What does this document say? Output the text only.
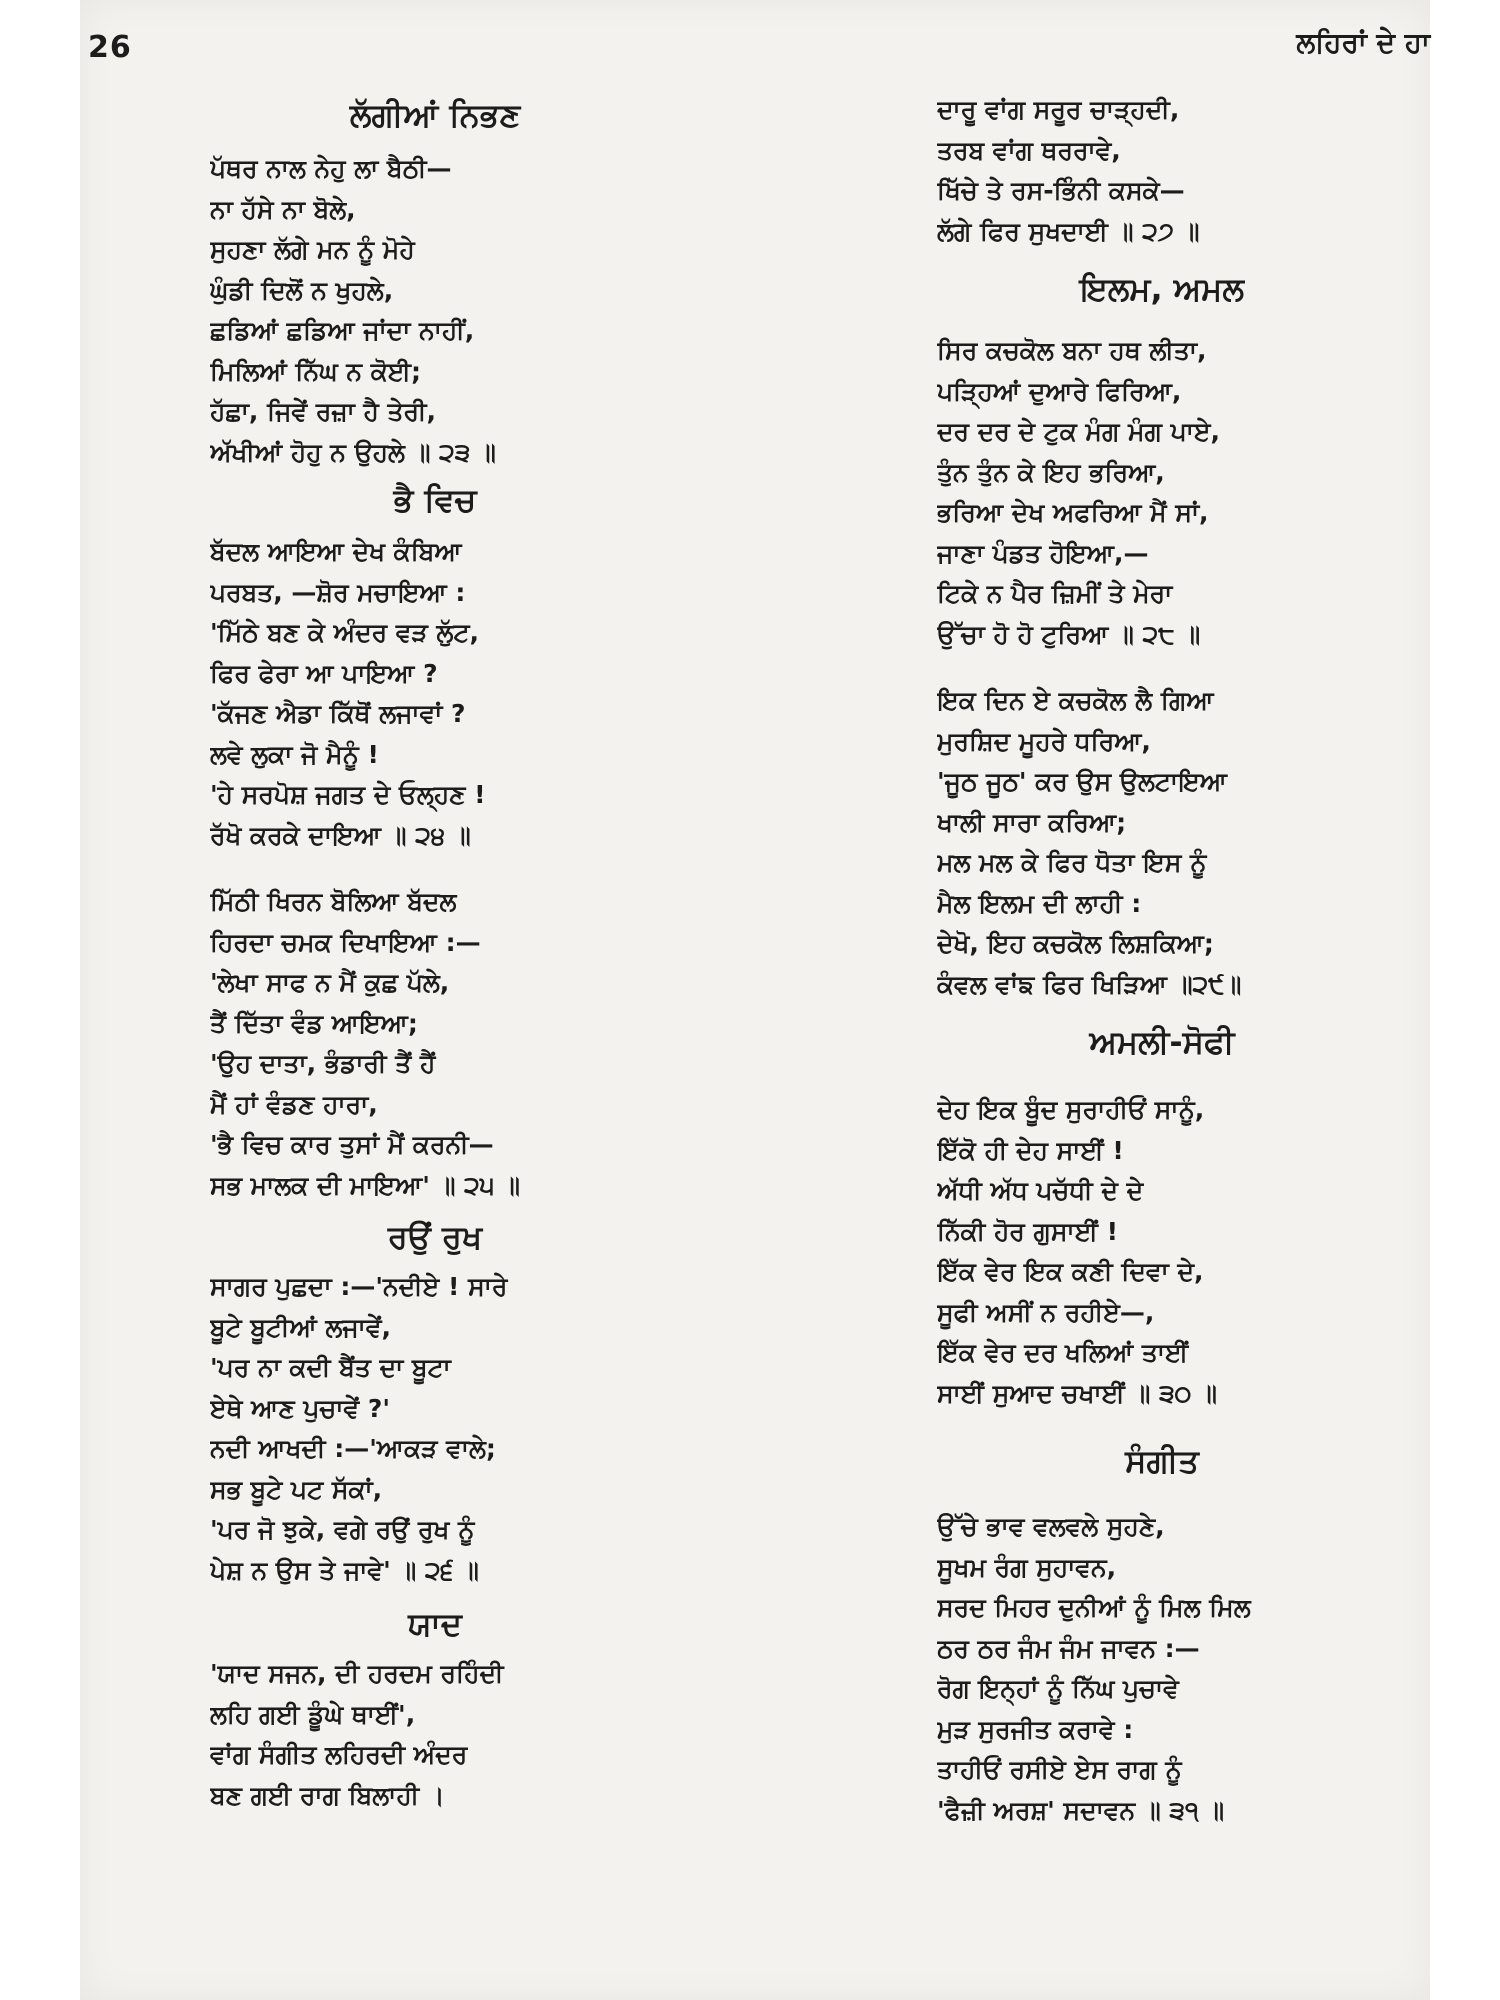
26	ਲਹਿਰਾਂ ਦੇ ਹਾ
ਲੱਗੀਆਂ ਨਿਭਣ
ਪੱਥਰ ਨਾਲ ਨੇਹੁ ਲਾ ਬੈਠੀ—
ਨਾ ਹੱਸੇ ਨਾ ਬੋਲੇ,
ਸੁਹਣਾ ਲੱਗੇ ਮਨ ਨੂੰ ਮੋਹੇ
ਘੁੰਡੀ ਦਿਲੋਂ ਨ ਖੁਹਲੇ,
ਛਡਿਆਂ ਛਡਿਆ ਜਾਂਦਾ ਨਾਹੀਂ,
ਮਿਲਿਆਂ ਨਿੱਘ ਨ ਕੋਈ;
ਹੱਛਾ, ਜਿਵੇਂ ਰਜ਼ਾ ਹੈ ਤੇਰੀ,
ਅੱਖੀਆਂ ਹੋਹੁ ਨ ਉਹਲੇ ॥ ੨੩ ॥
ਭੈ ਵਿਚ
ਬੱਦਲ ਆਇਆ ਦੇਖ ਕੰਬਿਆ
ਪਰਬਤ, —ਸ਼ੋਰ ਮਚਾਇਆ :
'ਮਿੱਠੇ ਬਣ ਕੇ ਅੰਦਰ ਵੜ ਲੁੱਟ,
ਫਿਰ ਫੇਰਾ ਆ ਪਾਇਆ ?
'ਕੱਜਣ ਐਡਾ ਕਿੱਥੋਂ ਲਜਾਵਾਂ ?
ਲਵੇ ਲੁਕਾ ਜੋ ਮੈਨੂੰ !
'ਹੇ ਸਰਪੋਸ਼ ਜਗਤ ਦੇ ਓਲ੍ਹਣ !
ਰੱਖੋ ਕਰਕੇ ਦਾਇਆ ॥ ੨੪ ॥
ਮਿੱਠੀ ਖਿਰਨ ਬੋਲਿਆ ਬੱਦਲ
ਹਿਰਦਾ ਚਮਕ ਦਿਖਾਇਆ :—
'ਲੇਖਾ ਸਾਫ ਨ ਮੈਂ ਕੁਛ ਪੱਲੇ,
ਤੈਂ ਦਿੱਤਾ ਵੰਡ ਆਇਆ;
'ਉਹ ਦਾਤਾ, ਭੰਡਾਰੀ ਤੈਂ ਹੈਂ
ਮੈਂ ਹਾਂ ਵੰਡਣ ਹਾਰਾ,
'ਭੈ ਵਿਚ ਕਾਰ ਤੁਸਾਂ ਮੈਂ ਕਰਨੀ—
ਸਭ ਮਾਲਕ ਦੀ ਮਾਇਆ' ॥ ੨੫ ॥
ਰਉਂ ਰੁਖ
ਸਾਗਰ ਪੁਛਦਾ :—'ਨਦੀਏ ! ਸਾਰੇ
ਬੂਟੇ ਬੂਟੀਆਂ ਲਜਾਵੇਂ,
'ਪਰ ਨਾ ਕਦੀ ਬੈਂਤ ਦਾ ਬੂਟਾ
ਏਥੇ ਆਣ ਪੁਚਾਵੇਂ ?'
ਨਦੀ ਆਖਦੀ :—'ਆਕੜ ਵਾਲੇ;
ਸਭ ਬੂਟੇ ਪਟ ਸੱਕਾਂ,
'ਪਰ ਜੋ ਝੁਕੇ, ਵਗੇ ਰਉਂ ਰੁਖ ਨੂੰ
ਪੇਸ਼ ਨ ਉਸ ਤੇ ਜਾਵੇ' ॥ ੨੬ ॥
ਯਾਦ
'ਯਾਦ ਸਜਨ, ਦੀ ਹਰਦਮ ਰਹਿੰਦੀ
ਲਹਿ ਗਈ ਡੂੰਘੇ ਥਾਈਂ',
ਵਾਂਗ ਸੰਗੀਤ ਲਹਿਰਦੀ ਅੰਦਰ
ਬਣ ਗਈ ਰਾਗ ਬਿਲਾਹੀ ।
ਦਾਰੂ ਵਾਂਗ ਸਰੂਰ ਚਾੜ੍ਹਦੀ,
ਤਰਬ ਵਾਂਗ ਥਰਰਾਵੇ,
ਖਿੱਚੇ ਤੇ ਰਸ-ਭਿੰਨੀ ਕਸਕੇ—
ਲੱਗੇ ਫਿਰ ਸੁਖਦਾਈ ॥ ੨੭ ॥
ਇਲਮ, ਅਮਲ
ਸਿਰ ਕਚਕੋਲ ਬਨਾ ਹਥ ਲੀਤਾ,
ਪੜ੍ਹਿਆਂ ਦੁਆਰੇ ਫਿਰਿਆ,
ਦਰ ਦਰ ਦੇ ਟੁਕ ਮੰਗ ਮੰਗ ਪਾਏ,
ਤੁੰਨ ਤੁੰਨ ਕੇ ਇਹ ਭਰਿਆ,
ਭਰਿਆ ਦੇਖ ਅਫਰਿਆ ਮੈਂ ਸਾਂ,
ਜਾਣਾ ਪੰਡਤ ਹੋਇਆ,—
ਟਿਕੇ ਨ ਪੈਰ ਜ਼ਿਮੀਂ ਤੇ ਮੇਰਾ
ਉੱਚਾ ਹੋ ਹੋ ਟੁਰਿਆ ॥ ੨੮ ॥
ਇਕ ਦਿਨ ਏ ਕਚਕੋਲ ਲੈ ਗਿਆ
ਮੁਰਸ਼ਿਦ ਮੂਹਰੇ ਧਰਿਆ,
'ਜੂਠ ਜੂਠ' ਕਰ ਉਸ ਉਲਟਾਇਆ
ਖਾਲੀ ਸਾਰਾ ਕਰਿਆ;
ਮਲ ਮਲ ਕੇ ਫਿਰ ਧੋਤਾ ਇਸ ਨੂੰ
ਮੈਲ ਇਲਮ ਦੀ ਲਾਹੀ :
ਦੇਖੋ, ਇਹ ਕਚਕੋਲ ਲਿਸ਼ਕਿਆ;
ਕੰਵਲ ਵਾਂਙ ਫਿਰ ਖਿੜਿਆ ॥੨੯॥
ਅਮਲੀ-ਸੋਫੀ
ਦੇਹ ਇਕ ਬੂੰਦ ਸੁਰਾਹੀਓਂ ਸਾਨੂੰ,
ਇੱਕੋ ਹੀ ਦੇਹ ਸਾਈਂ !
ਅੱਧੀ ਅੱਧ ਪਚੱਧੀ ਦੇ ਦੇ
ਨਿੱਕੀ ਹੋਰ ਗੁਸਾਈਂ !
ਇੱਕ ਵੇਰ ਇਕ ਕਣੀ ਦਿਵਾ ਦੇ,
ਸੂਫੀ ਅਸੀਂ ਨ ਰਹੀਏ—,
ਇੱਕ ਵੇਰ ਦਰ ਖਲਿਆਂ ਤਾਈਂ
ਸਾਈਂ ਸੁਆਦ ਚਖਾਈਂ ॥ ੩੦ ॥
ਸੰਗੀਤ
ਉੱਚੇ ਭਾਵ ਵਲਵਲੇ ਸੁਹਣੇ,
ਸੂਖਮ ਰੰਗ ਸੁਹਾਵਨ,
ਸਰਦ ਮਿਹਰ ਦੁਨੀਆਂ ਨੂੰ ਮਿਲ ਮਿਲ
ਠਰ ਠਰ ਜੰਮ ਜੰਮ ਜਾਵਨ :—
ਰੋਗ ਇਨ੍ਹਾਂ ਨੂੰ ਨਿੱਘ ਪੁਚਾਵੇ
ਮੁੜ ਸੁਰਜੀਤ ਕਰਾਵੇ :
ਤਾਹੀਓਂ ਰਸੀਏ ਏਸ ਰਾਗ ਨੂੰ
'ਫੈਜ਼ੀ ਅਰਸ਼' ਸਦਾਵਨ ॥ ੩੧ ॥
